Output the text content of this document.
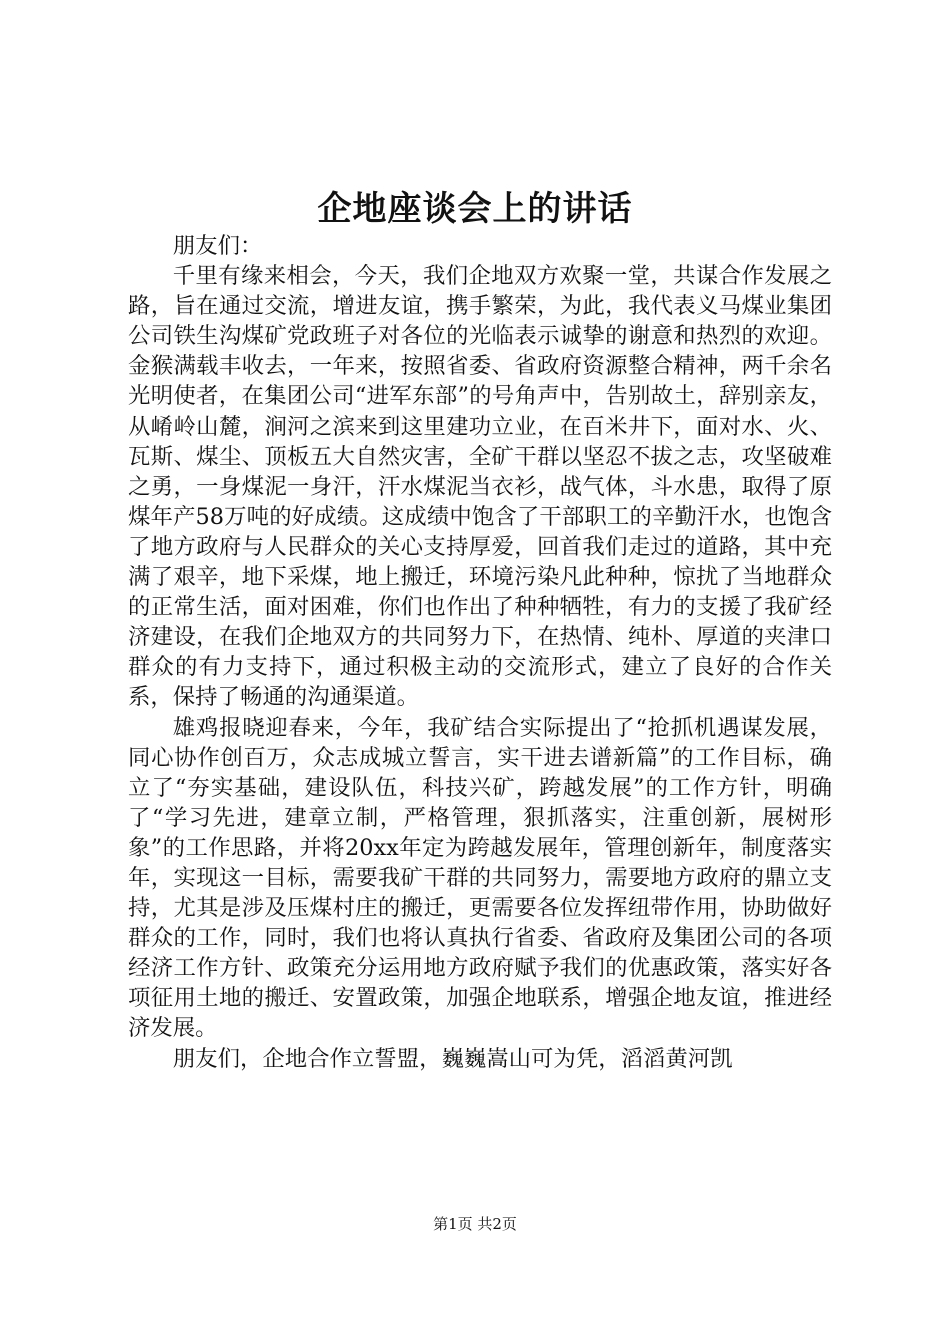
企地座谈会上的讲话

朋友们：

千里有缘来相会，今天，我们企地双方欢聚一堂，共谋合作发展之路，旨在通过交流，增进友谊，携手繁荣，为此，我代表义马煤业集团公司铁生沟煤矿党政班子对各位的光临表示诚挚的谢意和热烈的欢迎。金猴满载丰收去，一年来，按照省委、省政府资源整合精神，两千余名光明使者，在集团公司“进军东部”的号角声中，告别故土，辞别亲友，从崤岭山麓，涧河之滨来到这里建功立业，在百米井下，面对水、火、瓦斯、煤尘、顶板五大自然灾害，全矿干群以坚忍不拔之志，攻坚破难之勇，一身煤泥一身汗，汗水煤泥当衣衫，战气体，斗水患，取得了原煤年产58万吨的好成绩。这成绩中饱含了干部职工的辛勤汗水，也饱含了地方政府与人民群众的关心支持厚爱，回首我们走过的道路，其中充满了艰辛，地下采煤，地上搬迁，环境污染凡此种种，惊扰了当地群众的正常生活，面对困难，你们也作出了种种牺牲，有力的支援了我矿经济建设，在我们企地双方的共同努力下，在热情、纯朴、厚道的夹津口群众的有力支持下，通过积极主动的交流形式，建立了良好的合作关系，保持了畅通的沟通渠道。

雄鸡报晓迎春来，今年，我矿结合实际提出了“抢抓机遇谋发展，同心协作创百万，众志成城立誓言，实干进去谱新篇”的工作目标，确立了“夯实基础，建设队伍，科技兴矿，跨越发展”的工作方针，明确了“学习先进，建章立制，严格管理，狠抓落实，注重创新，展树形象”的工作思路，并将20xx年定为跨越发展年，管理创新年，制度落实年，实现这一目标，需要我矿干群的共同努力，需要地方政府的鼎立支持，尤其是涉及压煤村庄的搬迁，更需要各位发挥纽带作用，协助做好群众的工作，同时，我们也将认真执行省委、省政府及集团公司的各项经济工作方针、政策充分运用地方政府赋予我们的优惠政策，落实好各项征用土地的搬迁、安置政策，加强企地联系，增强企地友谊，推进经济发展。

朋友们，企地合作立誓盟，巍巍嵩山可为凭，滔滔黄河凯

第1页 共2页
